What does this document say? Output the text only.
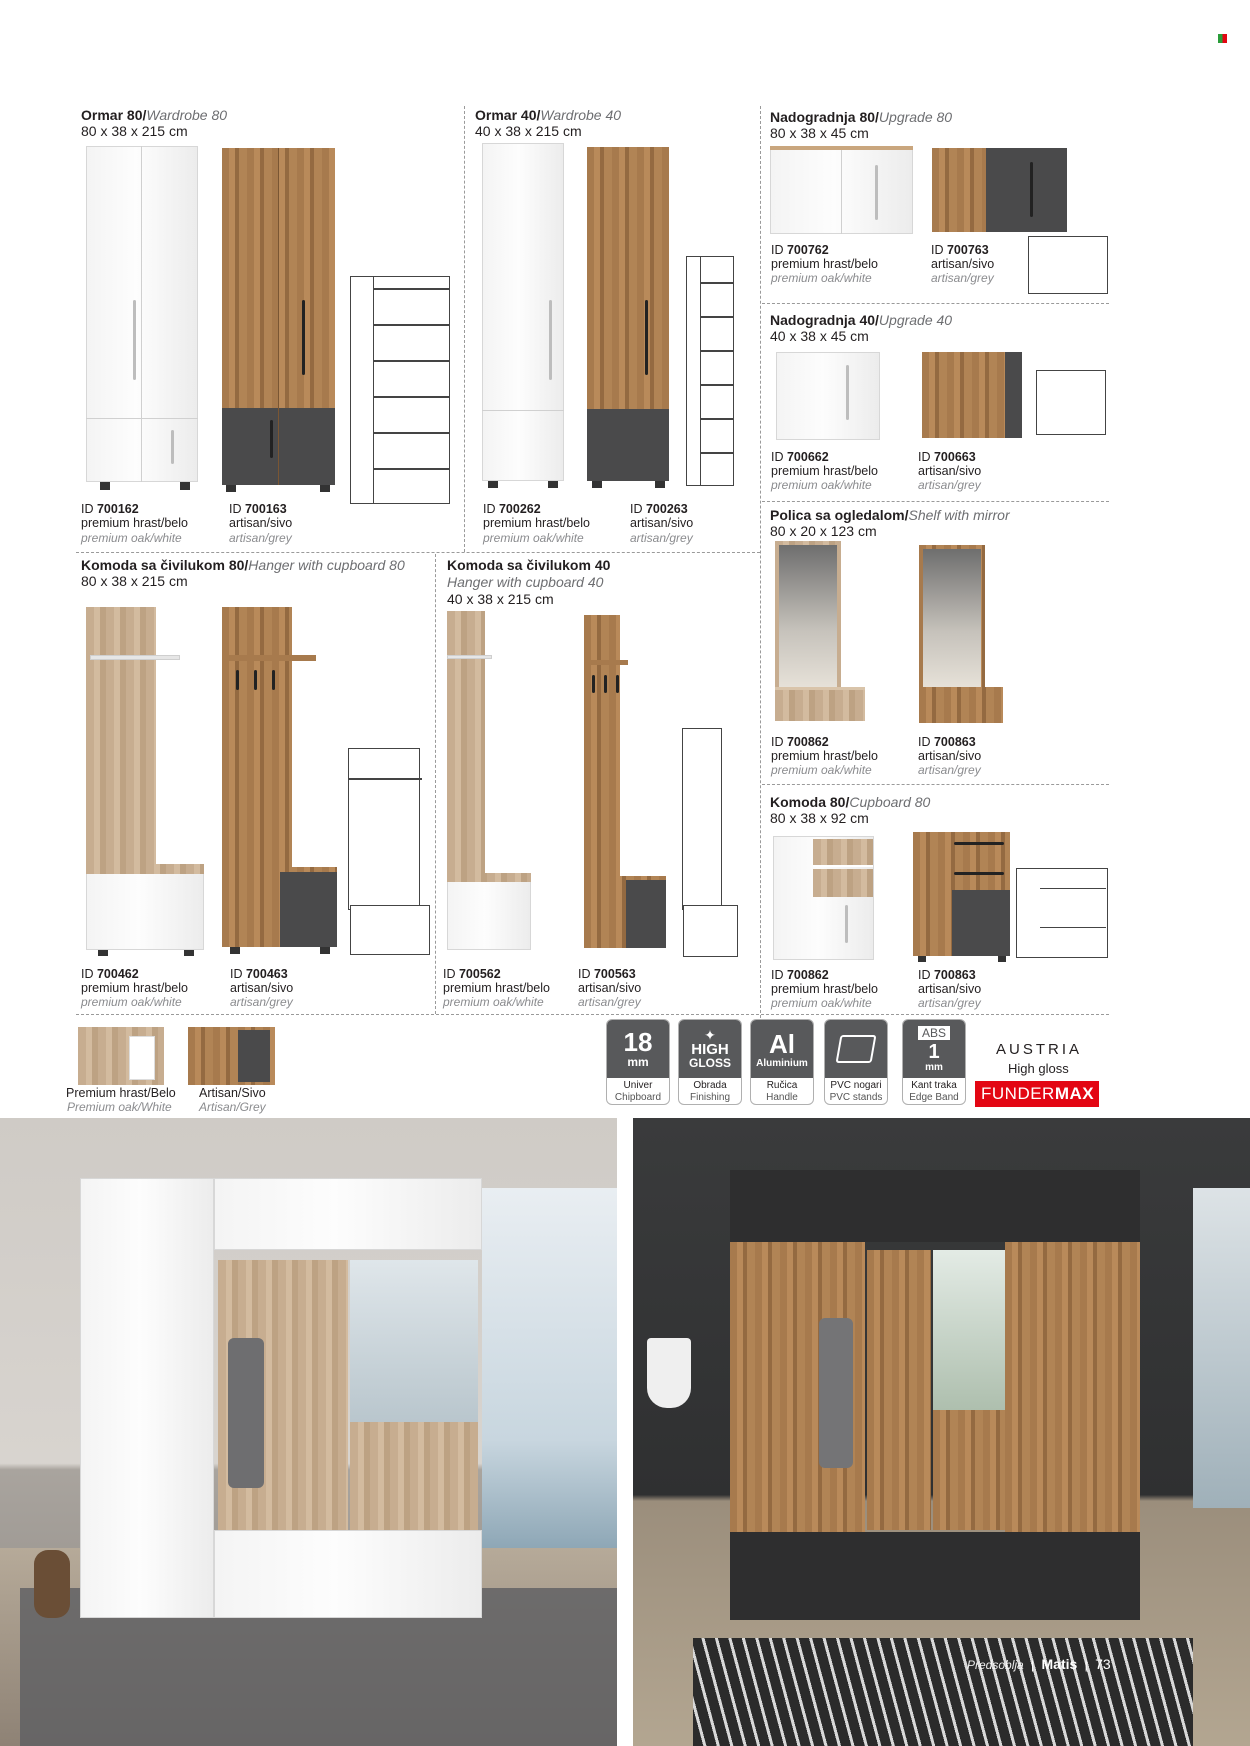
Ormar 80/Wardrobe 80
80 x 38 x 215 cm
ID 700162
premium hrast/belo
premium oak/white
ID 700163
artisan/sivo
artisan/grey
Ormar 40/Wardrobe 40
40 x 38 x 215 cm
ID 700262
premium hrast/belo
premium oak/white
ID 700263
artisan/sivo
artisan/grey
Nadogradnja 80/Upgrade 80
80 x 38 x 45 cm
ID 700762
premium hrast/belo
premium oak/white
ID 700763
artisan/sivo
artisan/grey
Nadogradnja 40/Upgrade 40
40 x 38 x 45 cm
ID 700662
premium hrast/belo
premium oak/white
ID 700663
artisan/sivo
artisan/grey
Polica sa ogledalom/Shelf with mirror
80 x 20 x 123 cm
ID 700862
premium hrast/belo
premium oak/white
ID 700863
artisan/sivo
artisan/grey
Komoda sa čivilukom 80/Hanger with cupboard 80
80 x 38 x 215 cm
ID 700462
premium hrast/belo
premium oak/white
ID 700463
artisan/sivo
artisan/grey
Komoda sa čivilukom 40
Hanger with cupboard 40
40 x 38 x 215 cm
ID 700562
premium hrast/belo
premium oak/white
ID 700563
artisan/sivo
artisan/grey
Komoda 80/Cupboard 80
80 x 38 x 92 cm
ID 700862
premium hrast/belo
premium oak/white
ID 700863
artisan/sivo
artisan/grey
Premium hrast/Belo
Premium oak/White
Artisan/Sivo
Artisan/Grey
18
mm
Univer
Chipboard
✦
HIGH
GLOSS
Obrada
Finishing
Al
Aluminium
Ručica
Handle
PVC nogari
PVC stands
ABS
1
mm
Kant traka
Edge Band
AUSTRIA
High gloss
FUNDERMAX
Predsoblja | Matis | 73
